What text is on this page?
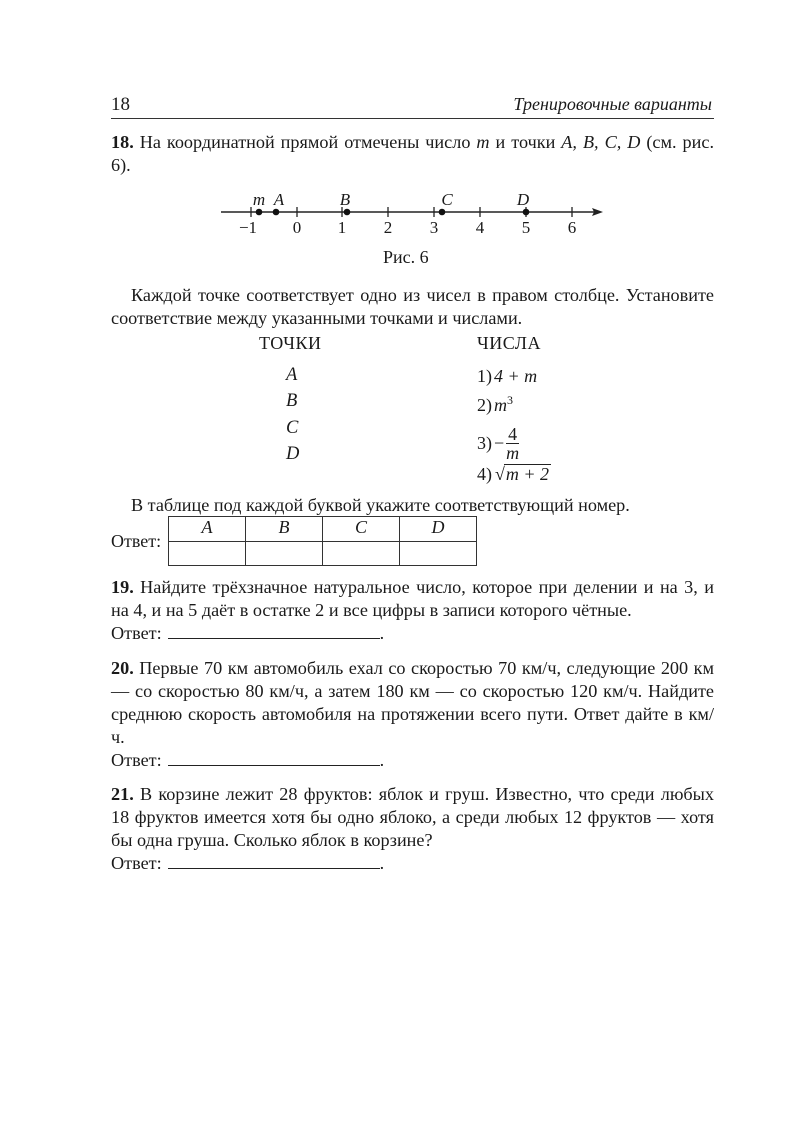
18	Тренировочные варианты
18. На координатной прямой отмечены число m и точки A, B, C, D (см. рис. 6).
−1 0 1 2 3 4 5 6
m A	B	C	D
Рис. 6
Каждой точке соответствует одно из чисел в правом столбце. Установите соответствие между указанными точками и числами.
ТОЧКИ	ЧИСЛА
A
B
C
D
1) 4 + m
2) $m^3$
$3) - \frac{4}{m}$
4) √m + 2
В таблице под каждой буквой укажите соответствующий номер.
Ответ:
A	B	C	D

19. Найдите трёхзначное натуральное число, которое при делении и на 3, и на 4, и на 5 даёт в остатке 2 и все цифры в записи которого чётные.
Ответ:	.
20. Первые 70 км автомобиль ехал со скоростью 70 км/ч, следующие 200 км — со скоростью 80 км/ч, а затем 180 км — со скоростью 120 км/ч. Найдите среднюю скорость автомобиля на протяжении всего пути. Ответ дайте в км/ч.
Ответ:	.
21. В корзине лежит 28 фруктов: яблок и груш. Известно, что среди любых 18 фруктов имеется хотя бы одно яблоко, а среди любых 12 фруктов — хотя бы одна груша. Сколько яблок в корзине?
Ответ:	.
